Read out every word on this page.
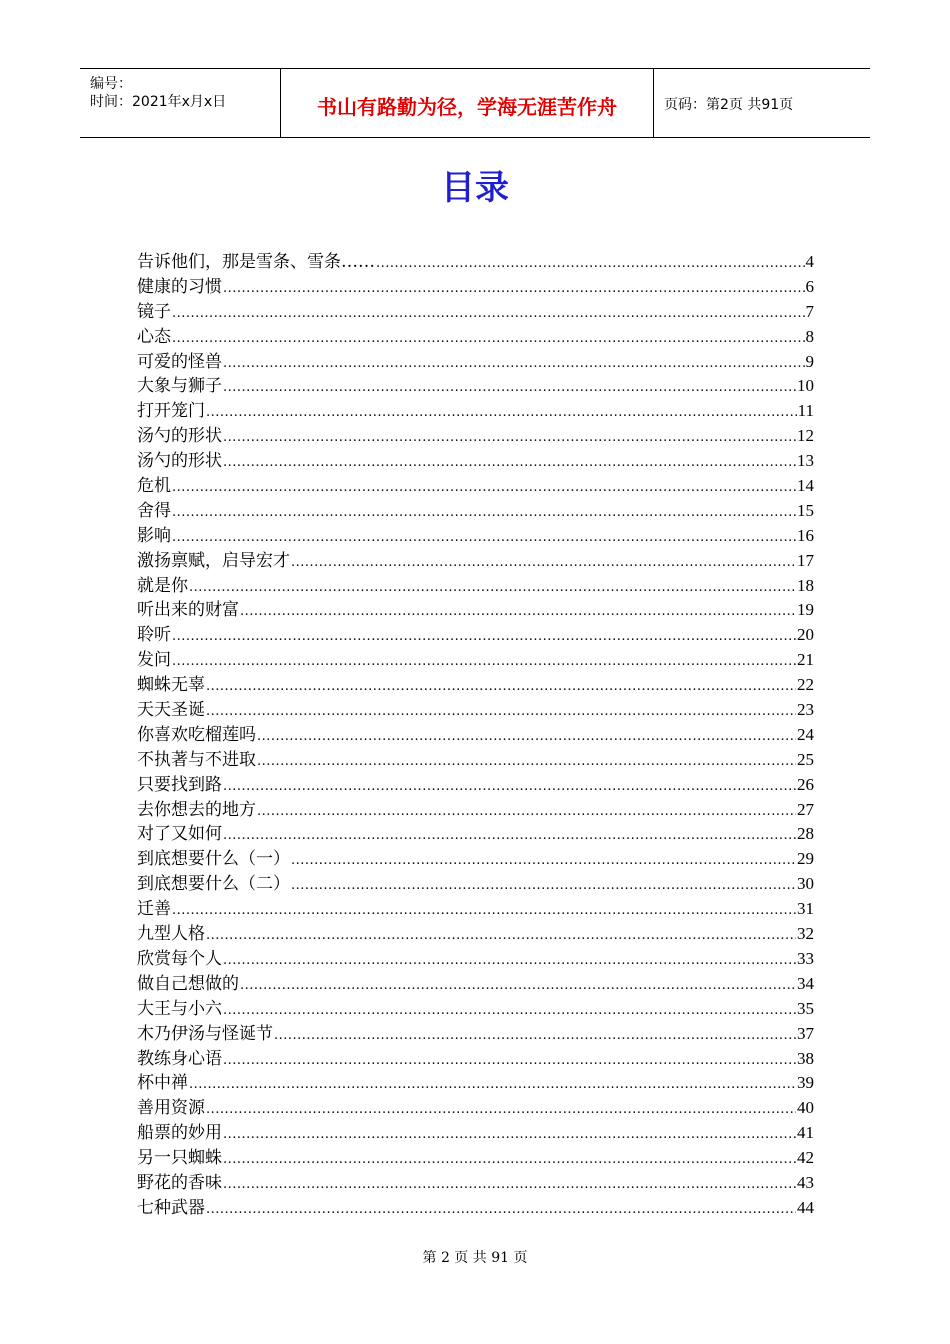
编号：
时间：2021年x月x日	书山有路勤为径，学海无涯苦作舟	页码：第2页 共91页
目录
告诉他们，那是雪条、雪条…… .....	4
健康的习惯 .....	6
镜子 .....	7
心态 .....	8
可爱的怪兽 .....	9
大象与狮子 .....	10
打开笼门 .....	11
汤勺的形状 .....	12
汤勺的形状 .....	13
危机 .....	14
舍得 .....	15
影响 .....	16
激扬禀赋，启导宏才 .....	17
就是你 .....	18
听出来的财富 .....	19
聆听 .....	20
发问 .....	21
蜘蛛无辜 .....	22
天天圣诞 .....	23
你喜欢吃榴莲吗 .....	24
不执著与不进取 .....	25
只要找到路 .....	26
去你想去的地方 .....	27
对了又如何 .....	28
到底想要什么（一） .....	29
到底想要什么（二） .....	30
迁善 .....	31
九型人格 .....	32
欣赏每个人 .....	33
做自己想做的 .....	34
大王与小六 .....	35
木乃伊汤与怪诞节 .....	37
教练身心语 .....	38
杯中禅 .....	39
善用资源 .....	40
船票的妙用 .....	41
另一只蜘蛛 .....	42
野花的香味 .....	43
七种武器 .....	44
第 2 页 共 91 页
